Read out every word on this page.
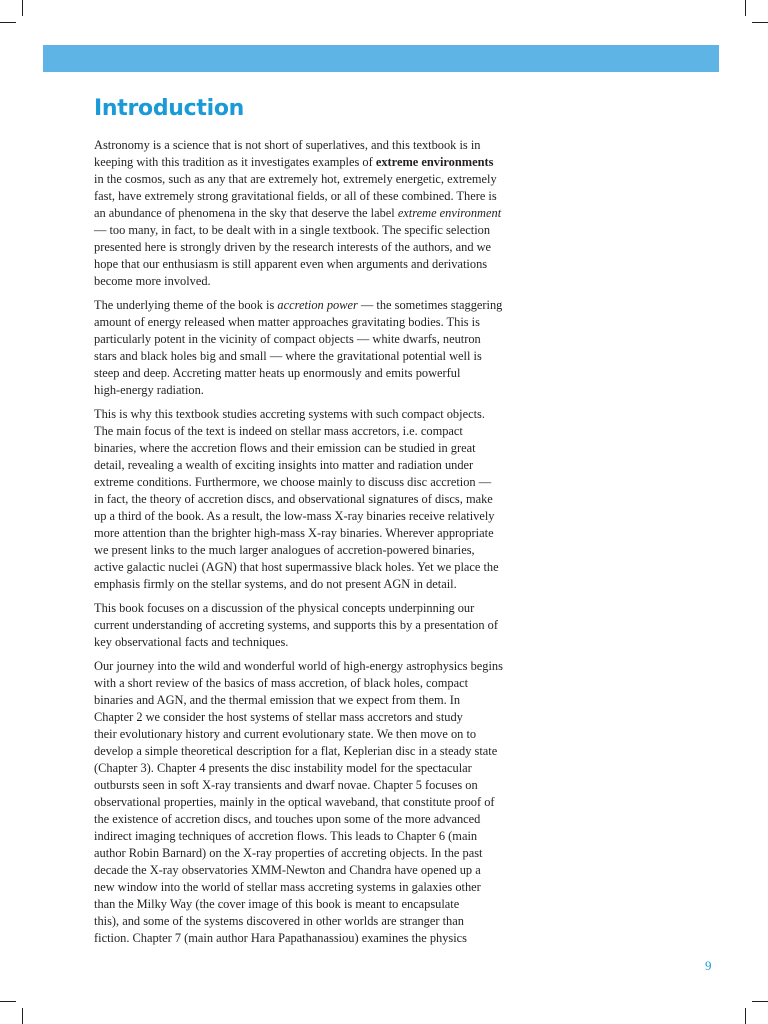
Introduction

Astronomy is a science that is not short of superlatives, and this textbook is in
keeping with this tradition as it investigates examples of extreme environments
in the cosmos, such as any that are extremely hot, extremely energetic, extremely
fast, have extremely strong gravitational fields, or all of these combined. There is
an abundance of phenomena in the sky that deserve the label extreme environment
— too many, in fact, to be dealt with in a single textbook. The specific selection
presented here is strongly driven by the research interests of the authors, and we
hope that our enthusiasm is still apparent even when arguments and derivations
become more involved.

The underlying theme of the book is accretion power — the sometimes staggering
amount of energy released when matter approaches gravitating bodies. This is
particularly potent in the vicinity of compact objects — white dwarfs, neutron
stars and black holes big and small — where the gravitational potential well is
steep and deep. Accreting matter heats up enormously and emits powerful
high-energy radiation.

This is why this textbook studies accreting systems with such compact objects.
The main focus of the text is indeed on stellar mass accretors, i.e. compact
binaries, where the accretion flows and their emission can be studied in great
detail, revealing a wealth of exciting insights into matter and radiation under
extreme conditions. Furthermore, we choose mainly to discuss disc accretion —
in fact, the theory of accretion discs, and observational signatures of discs, make
up a third of the book. As a result, the low-mass X-ray binaries receive relatively
more attention than the brighter high-mass X-ray binaries. Wherever appropriate
we present links to the much larger analogues of accretion-powered binaries,
active galactic nuclei (AGN) that host supermassive black holes. Yet we place the
emphasis firmly on the stellar systems, and do not present AGN in detail.

This book focuses on a discussion of the physical concepts underpinning our
current understanding of accreting systems, and supports this by a presentation of
key observational facts and techniques.

Our journey into the wild and wonderful world of high-energy astrophysics begins
with a short review of the basics of mass accretion, of black holes, compact
binaries and AGN, and the thermal emission that we expect from them. In
Chapter 2 we consider the host systems of stellar mass accretors and study
their evolutionary history and current evolutionary state. We then move on to
develop a simple theoretical description for a flat, Keplerian disc in a steady state
(Chapter 3). Chapter 4 presents the disc instability model for the spectacular
outbursts seen in soft X-ray transients and dwarf novae. Chapter 5 focuses on
observational properties, mainly in the optical waveband, that constitute proof of
the existence of accretion discs, and touches upon some of the more advanced
indirect imaging techniques of accretion flows. This leads to Chapter 6 (main
author Robin Barnard) on the X-ray properties of accreting objects. In the past
decade the X-ray observatories XMM-Newton and Chandra have opened up a
new window into the world of stellar mass accreting systems in galaxies other
than the Milky Way (the cover image of this book is meant to encapsulate
this), and some of the systems discovered in other worlds are stranger than
fiction. Chapter 7 (main author Hara Papathanassiou) examines the physics

9
